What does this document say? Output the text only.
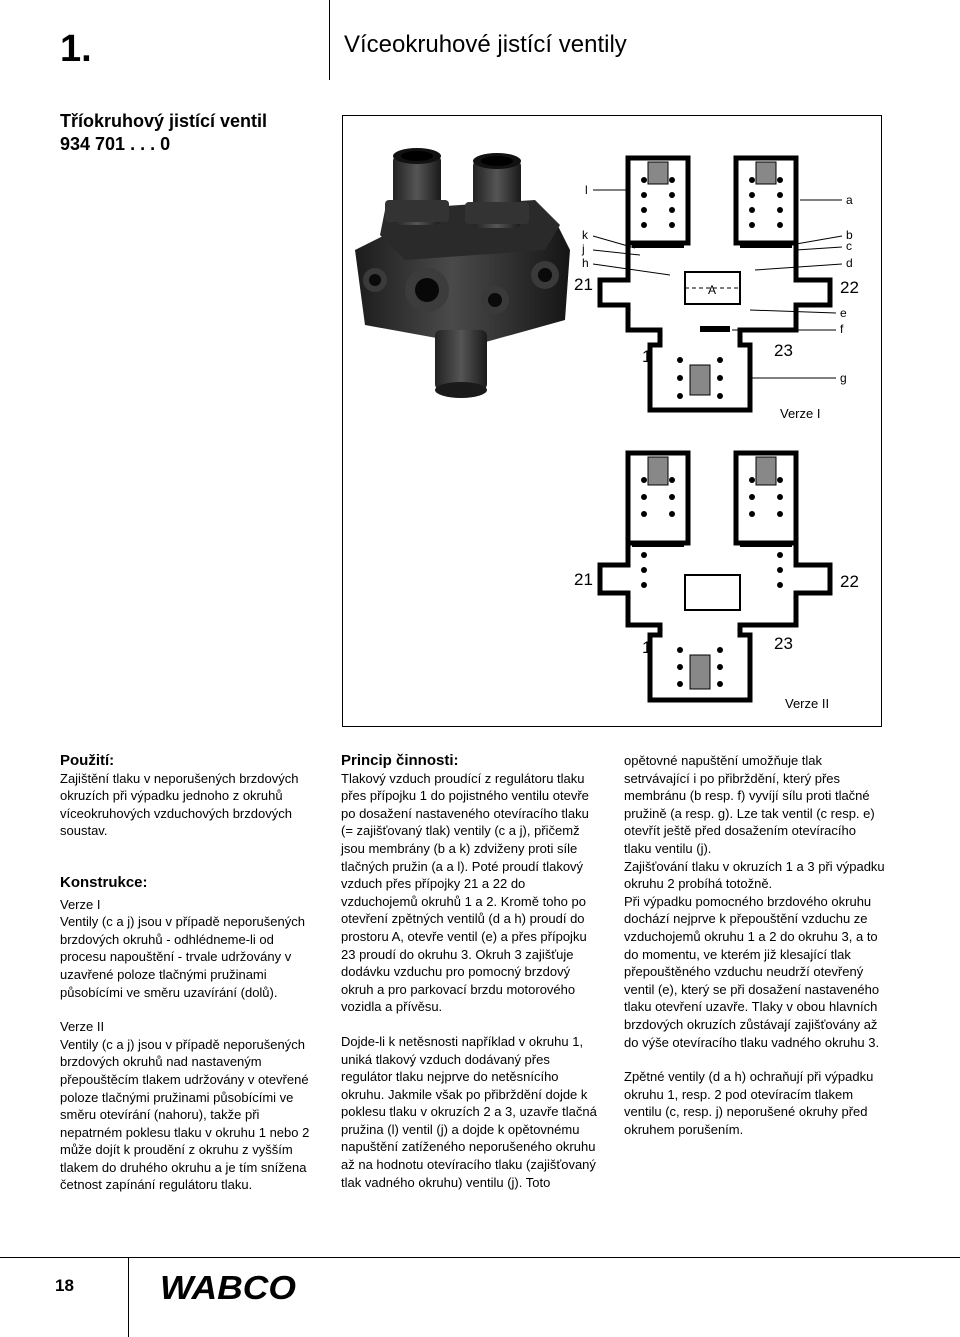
1.	Víceokruhové jistící ventily
Tříokruhový jistící ventil
934 701 . . . 0
l
k
j
h
a
b
c
d
e
f
g
A
21	22
1	23
Verze I
21	22
1	23
Verze II

Použití:

Zajištění tlaku v neporušených brzdových okruzích při výpadku jednoho z okruhů víceokruhových vzduchových brzdových soustav.

Konstrukce:

Verze I

Ventily (c a j) jsou v případě neporušených brzdových okruhů - odhlédneme-li od procesu napouštění - trvale udržovány v uzavřené poloze tlačnými pružinami působícími ve směru uzavírání (dolů).

Verze II

Ventily (c a j) jsou v případě neporušených brzdových okruhů nad nastaveným přepouštěcím tlakem udržovány v otevřené poloze tlačnými pružinami působícími ve směru otevírání (nahoru), takže při nepatrném poklesu tlaku v okruhu 1 nebo 2 může dojít k proudění z okruhu z vyšším tlakem do druhého okruhu a je tím snížena četnost zapínání regulátoru tlaku.

Princip činnosti:

Tlakový vzduch proudící z regulátoru tlaku přes přípojku 1 do pojistného ventilu otevře po dosažení nastaveného otevíracího tlaku (= zajišťovaný tlak) ventily (c a j), přičemž jsou membrány (b a k) zdviženy proti síle tlačných pružin (a a l). Poté proudí tlakový vzduch přes přípojky 21 a 22 do vzduchojemů okruhů 1 a 2. Kromě toho po otevření zpětných ventilů (d a h) proudí do prostoru A, otevře ventil (e) a přes přípojku 23 proudí do okruhu 3. Okruh 3 zajišťuje dodávku vzduchu pro pomocný brzdový okruh a pro parkovací brzdu motorového vozidla a přívěsu.

Dojde-li k netěsnosti například v okruhu 1, uniká tlakový vzduch dodávaný přes regulátor tlaku nejprve do netěsnícího okruhu. Jakmile však po přibrždění dojde k poklesu tlaku v okruzích 2 a 3, uzavře tlačná pružina (l) ventil (j) a dojde k opětovnému napuštění zatíženého neporušeného okruhu až na hodnotu otevíracího tlaku (zajišťovaný tlak vadného okruhu) ventilu (j). Toto

opětovné napuštění umožňuje tlak setrvávající i po přibrždění, který přes membránu (b resp. f) vyvíjí sílu proti tlačné pružině (a resp. g). Lze tak ventil (c resp. e) otevřít ještě před dosažením otevíracího tlaku ventilu (j).

Zajišťování tlaku v okruzích 1 a 3 při výpadku okruhu 2 probíhá totožně.

Při výpadku pomocného brzdového okruhu dochází nejprve k přepouštění vzduchu ze vzduchojemů okruhu 1 a 2 do okruhu 3, a to do momentu, ve kterém již klesající tlak přepouštěného vzduchu neudrží otevřený ventil (e), který se při dosažení nastaveného tlaku otevření uzavře. Tlaky v obou hlavních brzdových okruzích zůstávají zajišťovány až do výše otevíracího tlaku vadného okruhu 3.

Zpětné ventily (d a h) ochraňují při výpadku okruhu 1, resp. 2 pod otevíracím tlakem ventilu (c, resp. j) neporušené okruhy před okruhem porušením.

18	WABCO
